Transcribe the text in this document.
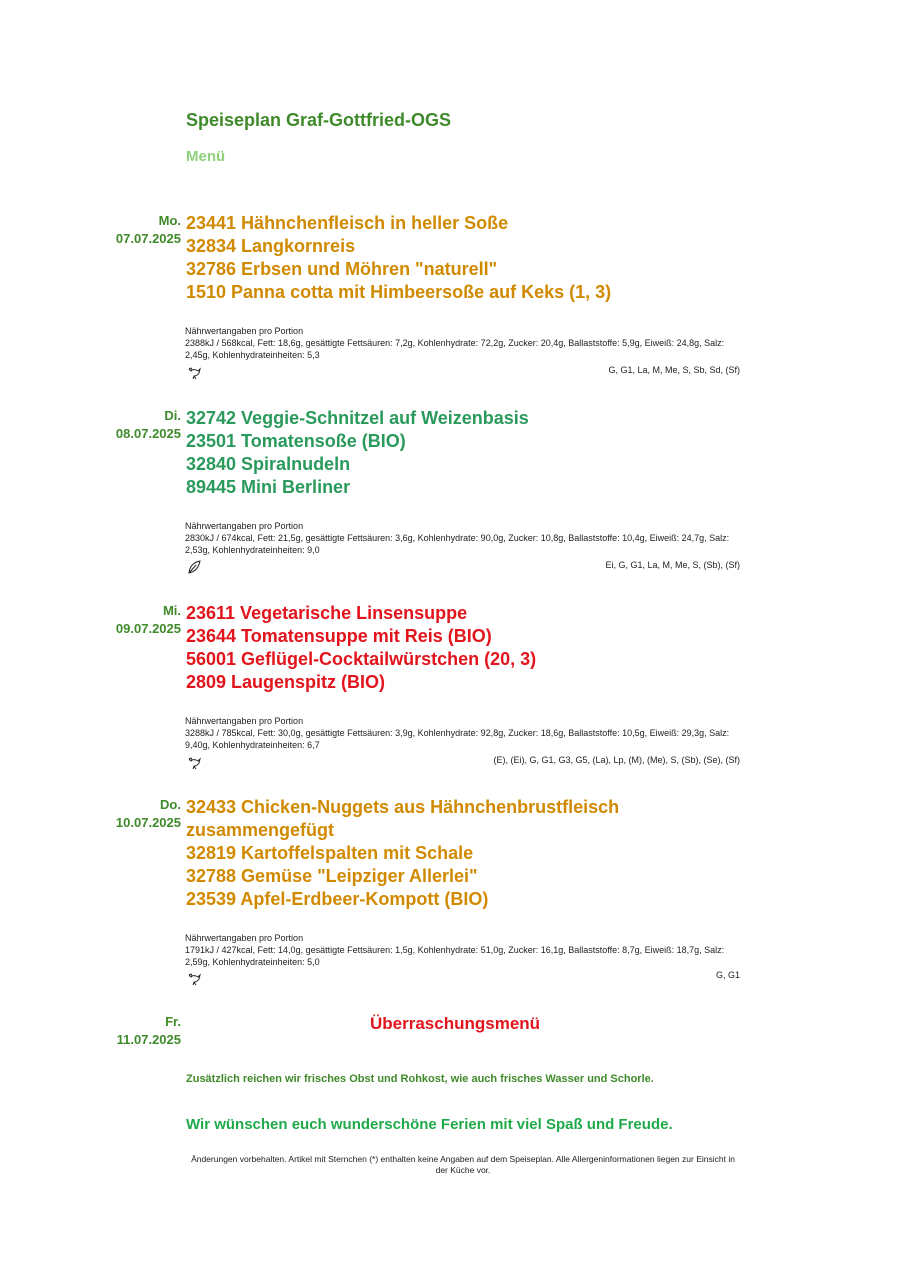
Speiseplan Graf-Gottfried-OGS
Menü
Mo.
07.07.2025
23441 Hähnchenfleisch in heller Soße
32834 Langkornreis
32786 Erbsen und Möhren "naturell"
1510 Panna cotta mit Himbeersoße auf Keks (1, 3)
Nährwertangaben pro Portion
2388kJ / 568kcal, Fett: 18,6g, gesättigte Fettsäuren: 7,2g, Kohlenhydrate: 72,2g, Zucker: 20,4g, Ballaststoffe: 5,9g, Eiweiß: 24,8g, Salz: 2,45g, Kohlenhydrateinheiten: 5,3
G, G1, La, M, Me, S, Sb, Sd, (Sf)
Di.
08.07.2025
32742 Veggie-Schnitzel auf Weizenbasis
23501 Tomatensoße (BIO)
32840 Spiralnudeln
89445 Mini Berliner
Nährwertangaben pro Portion
2830kJ / 674kcal, Fett: 21,5g, gesättigte Fettsäuren: 3,6g, Kohlenhydrate: 90,0g, Zucker: 10,8g, Ballaststoffe: 10,4g, Eiweiß: 24,7g, Salz: 2,53g, Kohlenhydrateinheiten: 9,0
Ei, G, G1, La, M, Me, S, (Sb), (Sf)
Mi.
09.07.2025
23611 Vegetarische Linsensuppe
23644 Tomatensuppe mit Reis (BIO)
56001 Geflügel-Cocktailwürstchen (20, 3)
2809 Laugenspitz (BIO)
Nährwertangaben pro Portion
3288kJ / 785kcal, Fett: 30,0g, gesättigte Fettsäuren: 3,9g, Kohlenhydrate: 92,8g, Zucker: 18,6g, Ballaststoffe: 10,5g, Eiweiß: 29,3g, Salz: 9,40g, Kohlenhydrateinheiten: 6,7
(E), (Ei), G, G1, G3, G5, (La), Lp, (M), (Me), S, (Sb), (Se), (Sf)
Do.
10.07.2025
32433 Chicken-Nuggets aus Hähnchenbrustfleisch
zusammengefügt
32819 Kartoffelspalten mit Schale
32788 Gemüse "Leipziger Allerlei"
23539 Apfel-Erdbeer-Kompott (BIO)
Nährwertangaben pro Portion
1791kJ / 427kcal, Fett: 14,0g, gesättigte Fettsäuren: 1,5g, Kohlenhydrate: 51,0g, Zucker: 16,1g, Ballaststoffe: 8,7g, Eiweiß: 18,7g, Salz: 2,59g, Kohlenhydrateinheiten: 5,0
G, G1
Fr.
11.07.2025
Überraschungsmenü
Zusätzlich reichen wir frisches Obst und Rohkost, wie auch frisches Wasser und Schorle.
Wir wünschen euch wunderschöne Ferien mit viel Spaß und Freude.
Änderungen vorbehalten. Artikel mit Sternchen (*) enthalten keine Angaben auf dem Speiseplan. Alle Allergeninformationen liegen zur Einsicht in der Küche vor.
